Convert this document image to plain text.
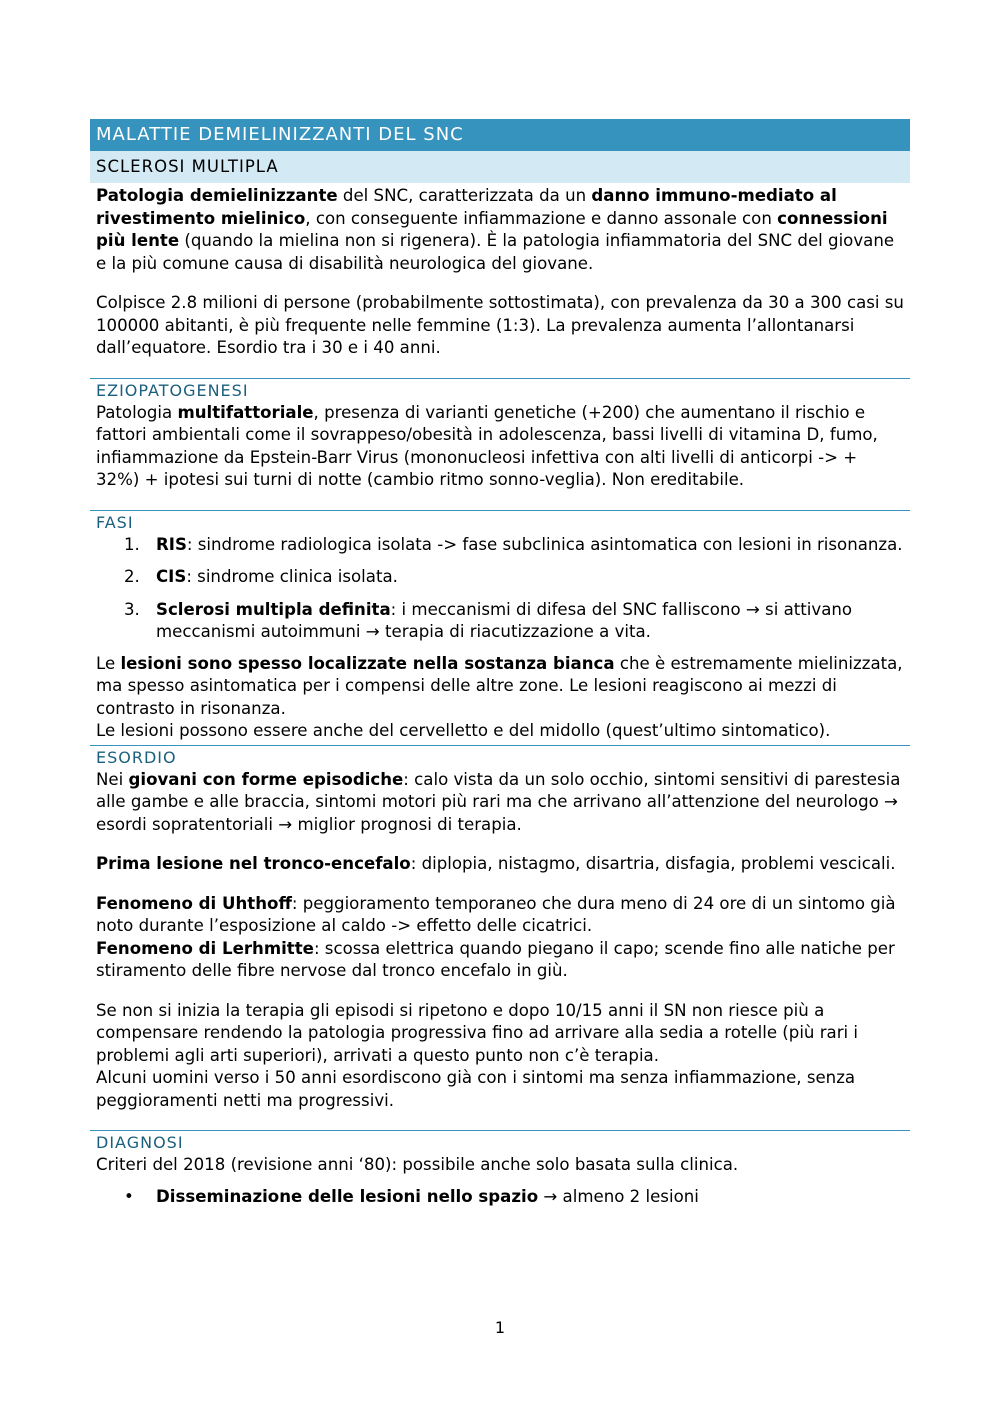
MALATTIE DEMIELINIZZANTI DEL SNC
SCLEROSI MULTIPLA

Patologia demielinizzante del SNC, caratterizzata da un danno immuno-mediato al rivestimento mielinico, con conseguente infiammazione e danno assonale con connessioni più lente (quando la mielina non si rigenera). È la patologia infiammatoria del SNC del giovane e la più comune causa di disabilità neurologica del giovane.

Colpisce 2.8 milioni di persone (probabilmente sottostimata), con prevalenza da 30 a 300 casi su 100000 abitanti, è più frequente nelle femmine (1:3). La prevalenza aumenta l’allontanarsi dall’equatore. Esordio tra i 30 e i 40 anni.

EZIOPATOGENESI

Patologia multifattoriale, presenza di varianti genetiche (+200) che aumentano il rischio e fattori ambientali come il sovrappeso/obesità in adolescenza, bassi livelli di vitamina D, fumo, infiammazione da Epstein-Barr Virus (mononucleosi infettiva con alti livelli di anticorpi -> + 32%) + ipotesi sui turni di notte (cambio ritmo sonno-veglia). Non ereditabile.

FASI
1. RIS: sindrome radiologica isolata -> fase subclinica asintomatica con lesioni in risonanza.
2. CIS: sindrome clinica isolata.
3. Sclerosi multipla definita: i meccanismi di difesa del SNC falliscono → si attivano meccanismi autoimmuni → terapia di riacutizzazione a vita.

Le lesioni sono spesso localizzate nella sostanza bianca che è estremamente mielinizzata, ma spesso asintomatica per i compensi delle altre zone. Le lesioni reagiscono ai mezzi di contrasto in risonanza.

Le lesioni possono essere anche del cervelletto e del midollo (quest’ultimo sintomatico).

ESORDIO

Nei giovani con forme episodiche: calo vista da un solo occhio, sintomi sensitivi di parestesia alle gambe e alle braccia, sintomi motori più rari ma che arrivano all’attenzione del neurologo → esordi sopratentoriali → miglior prognosi di terapia.

Prima lesione nel tronco-encefalo: diplopia, nistagmo, disartria, disfagia, problemi vescicali.

Fenomeno di Uhthoff: peggioramento temporaneo che dura meno di 24 ore di un sintomo già noto durante l’esposizione al caldo -> effetto delle cicatrici.

Fenomeno di Lerhmitte: scossa elettrica quando piegano il capo; scende fino alle natiche per stiramento delle fibre nervose dal tronco encefalo in giù.

Se non si inizia la terapia gli episodi si ripetono e dopo 10/15 anni il SN non riesce più a compensare rendendo la patologia progressiva fino ad arrivare alla sedia a rotelle (più rari i problemi agli arti superiori), arrivati a questo punto non c’è terapia.

Alcuni uomini verso i 50 anni esordiscono già con i sintomi ma senza infiammazione, senza peggioramenti netti ma progressivi.

DIAGNOSI

Criteri del 2018 (revisione anni ‘80): possibile anche solo basata sulla clinica.

• Disseminazione delle lesioni nello spazio → almeno 2 lesioni
1
